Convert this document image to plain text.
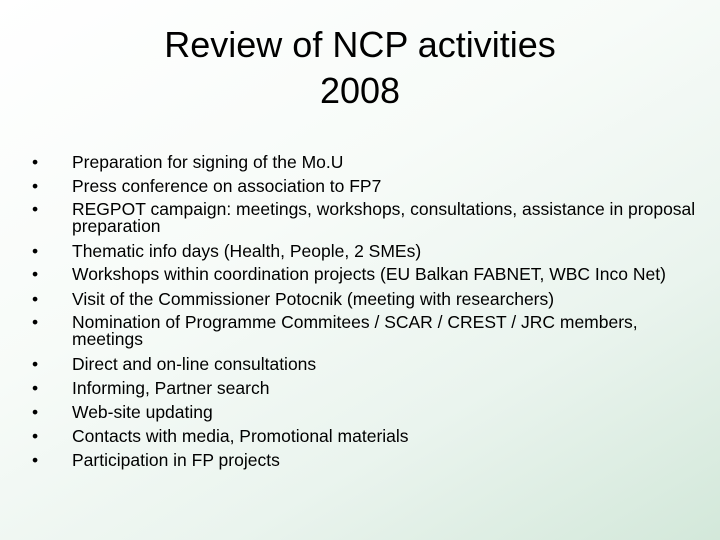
Review of NCP activities
2008
•	Preparation for signing of the Mo.U
•	Press conference on association to FP7
•	REGPOT campaign: meetings, workshops, consultations, assistance in proposal preparation
•	Thematic info days (Health, People, 2 SMEs)
•	Workshops within coordination projects (EU Balkan FABNET, WBC Inco Net)
•	Visit of the Commissioner Potocnik (meeting with researchers)
•	Nomination of Programme Commitees / SCAR / CREST / JRC members, meetings
•	Direct and on-line consultations
•	Informing, Partner search
•	Web-site updating
•	Contacts with media, Promotional materials
•	Participation in FP projects
